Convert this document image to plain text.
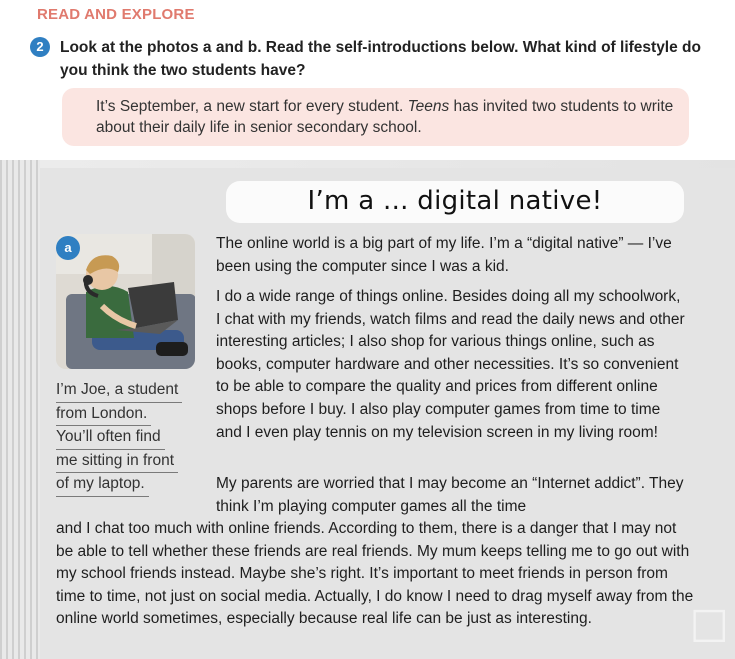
READ AND EXPLORE
2	Look at the photos a and b. Read the self-introductions below. What kind of lifestyle do you think the two students have?
It’s September, a new start for every student. Teens has invited two students to write about their daily life in senior secondary school.
☐
I’m a ... digital native!
a
I’m Joe, a student
from London.
You’ll often find
me sitting in front
of my laptop.
The online world is a big part of my life. I’m a “digital native” — I’ve been using the computer since I was a kid.
I do a wide range of things online. Besides doing all my schoolwork, I chat with my friends, watch films and read the daily news and other interesting articles; I also shop for various things online, such as books, computer hardware and other necessities. It’s so convenient to be able to compare the quality and prices from different online shops before I buy. I also play computer games from time to time and I even play tennis on my television screen in my living room!
My parents are worried that I may become an “Internet addict”. They think I’m playing computer games all the time
and I chat too much with online friends. According to them, there is a danger that I may not be able to tell whether these friends are real friends. My mum keeps telling me to go out with my school friends instead. Maybe she’s right. It’s important to meet friends in person from time to time, not just on social media. Actually, I do know I need to drag myself away from the online world sometimes, especially because real life can be just as interesting.
